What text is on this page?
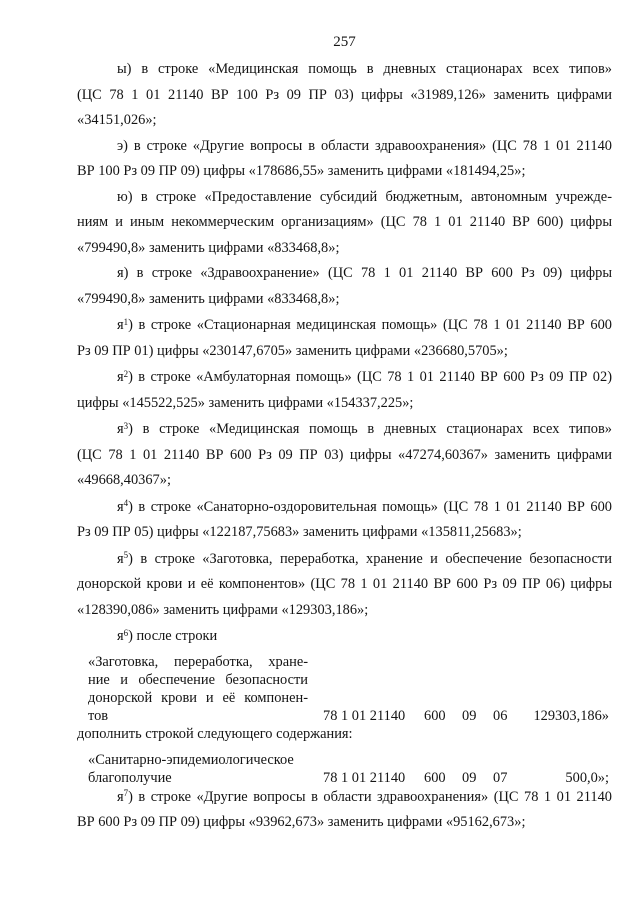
257
ы) в строке «Медицинская помощь в дневных стационарах всех типов»
(ЦС 78 1 01 21140 ВР 100 Рз 09 ПР 03) цифры «31989,126» заменить цифрами
«34151,026»;
э) в строке «Другие вопросы в области здравоохранения» (ЦС 78 1 01 21140
ВР 100 Рз 09 ПР 09) цифры «178686,55» заменить цифрами «181494,25»;
ю) в строке «Предоставление субсидий бюджетным, автономным учрежде-
ниям и иным некоммерческим организациям» (ЦС 78 1 01 21140 ВР 600) цифры
«799490,8» заменить цифрами «833468,8»;
я) в строке «Здравоохранение» (ЦС 78 1 01 21140 ВР 600 Рз 09) цифры
«799490,8» заменить цифрами «833468,8»;
$я^1$) в строке «Стационарная медицинская помощь» (ЦС 78 1 01 21140 ВР 600
Рз 09 ПР 01) цифры «230147,6705» заменить цифрами «236680,5705»;
$я^2$) в строке «Амбулаторная помощь» (ЦС 78 1 01 21140 ВР 600 Рз 09 ПР 02)
цифры «145522,525» заменить цифрами «154337,225»;
$я^3$) в строке «Медицинская помощь в дневных стационарах всех типов»
(ЦС 78 1 01 21140 ВР 600 Рз 09 ПР 03) цифры «47274,60367» заменить цифрами
«49668,40367»;
$я^4$) в строке «Санаторно-оздоровительная помощь» (ЦС 78 1 01 21140 ВР 600
Рз 09 ПР 05) цифры «122187,75683» заменить цифрами «135811,25683»;
$я^5$) в строке «Заготовка, переработка, хранение и обеспечение безопасности
донорской крови и её компонентов» (ЦС 78 1 01 21140 ВР 600 Рз 09 ПР 06) цифры
«128390,086» заменить цифрами «129303,186»;
$я^6$) после строки
«Заготовка, переработка, хране-
ние и обеспечение безопасности
донорской крови и её компонен-
тов	78 1 01 21140 600 09 06 129303,186»
дополнить строкой следующего содержания:
«Санитарно-эпидемиологическое
благополучие	78 1 01 21140 600 09 07	500,0»;
$я^7$) в строке «Другие вопросы в области здравоохранения» (ЦС 78 1 01 21140
ВР 600 Рз 09 ПР 09) цифры «93962,673» заменить цифрами «95162,673»;
